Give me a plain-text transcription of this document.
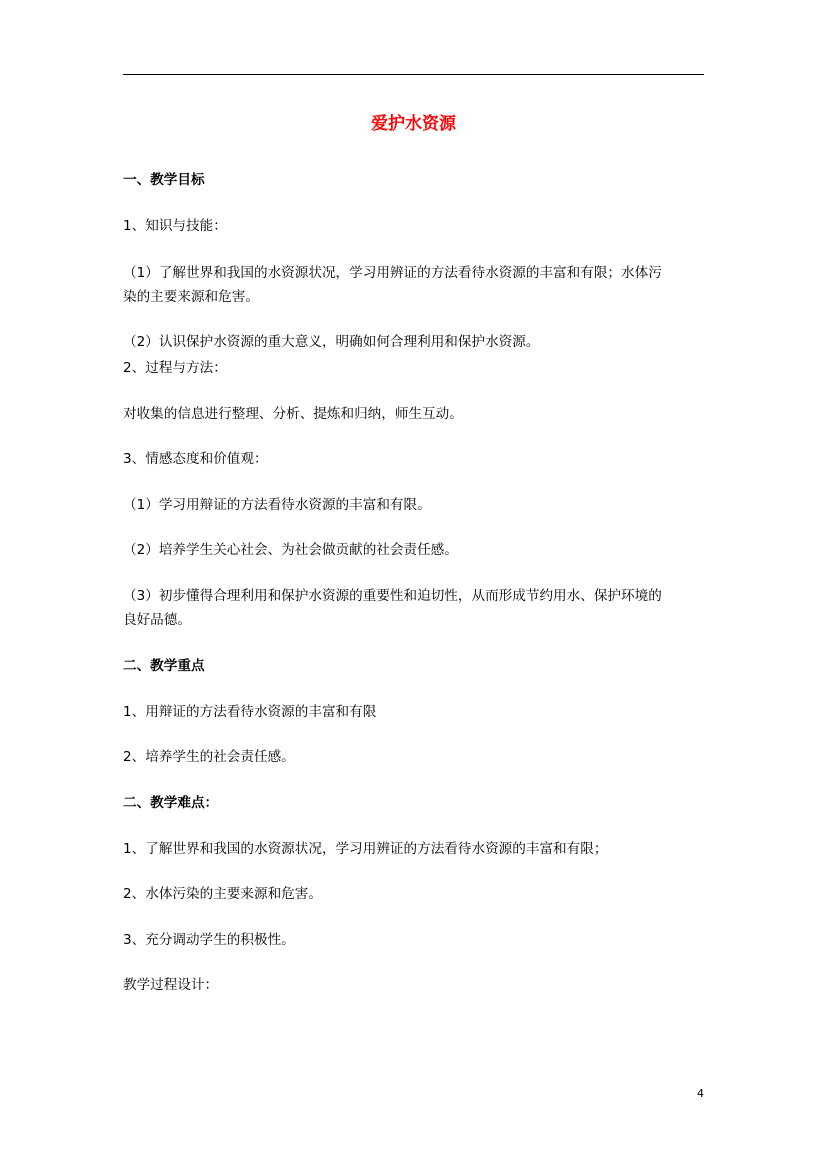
爱护水资源
一、教学目标
1、知识与技能：
（1）了解世界和我国的水资源状况，学习用辨证的方法看待水资源的丰富和有限；水体污
染的主要来源和危害。
（2）认识保护水资源的重大意义，明确如何合理利用和保护水资源。
2、过程与方法：
对收集的信息进行整理、分析、提炼和归纳，师生互动。
3、情感态度和价值观：
（1）学习用辩证的方法看待水资源的丰富和有限。
（2）培养学生关心社会、为社会做贡献的社会责任感。
（3）初步懂得合理利用和保护水资源的重要性和迫切性，从而形成节约用水、保护环境的
良好品德。
二、教学重点
1、用辩证的方法看待水资源的丰富和有限
2、培养学生的社会责任感。
二、教学难点：
1、了解世界和我国的水资源状况，学习用辨证的方法看待水资源的丰富和有限；
2、水体污染的主要来源和危害。
3、充分调动学生的积极性。
教学过程设计：
4
